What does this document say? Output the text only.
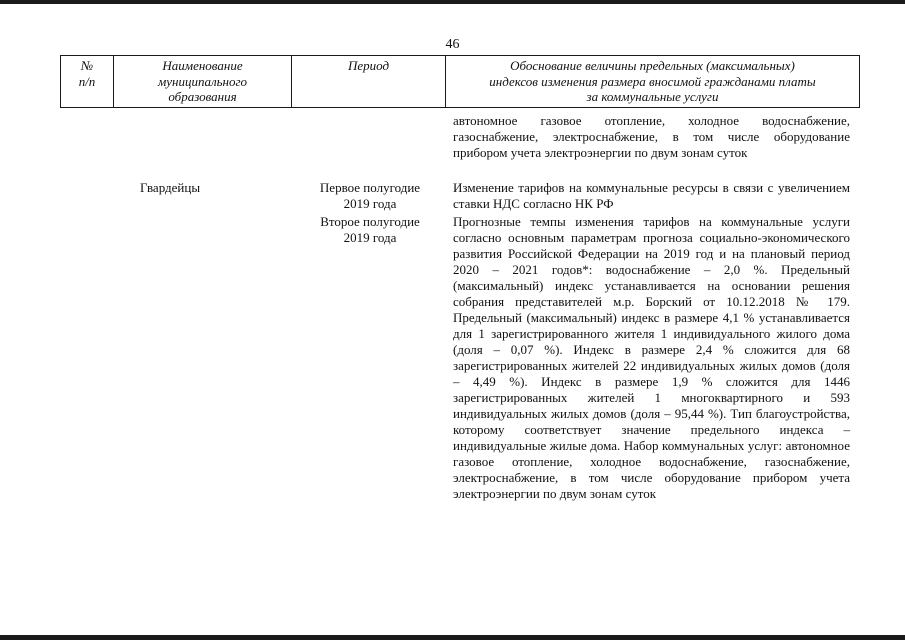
46
№
п/п
Наименование
муниципального
образования
Период	Обоснование величины предельных (максимальных)
индексов изменения размера вносимой гражданами платы
за коммунальные услуги
автономное газовое отопление, холодное водоснабжение, газоснабжение, электроснабжение, в том числе оборудование прибором учета электроэнергии по двум зонам суток
Гвардейцы	Первое полугодие
2019 года
Второе полугодие
2019 года
Изменение тарифов на коммунальные ресурсы в связи с увеличением ставки НДС согласно НК РФ
Прогнозные темпы изменения тарифов на коммунальные услуги согласно основным параметрам прогноза социально-экономического развития Российской Федерации на 2019 год и на плановый период 2020 – 2021 годов*: водоснабжение – 2,0 %. Предельный (максимальный) индекс устанавливается на основании решения собрания представителей м.р. Борский от 10.12.2018 № 179. Предельный (максимальный) индекс в размере 4,1 % устанавливается для 1 зарегистрированного жителя 1 индивидуального жилого дома (доля – 0,07 %). Индекс в размере 2,4 % сложится для 68 зарегистрированных жителей 22 индивидуальных жилых домов (доля – 4,49 %). Индекс в размере 1,9 % сложится для 1446 зарегистрированных жителей 1 многоквартирного и 593 индивидуальных жилых домов (доля – 95,44 %). Тип благоустройства, которому соответствует значение предельного индекса – индивидуальные жилые дома. Набор коммунальных услуг: автономное газовое отопление, холодное водоснабжение, газоснабжение, электроснабжение, в том числе оборудование прибором учета электроэнергии по двум зонам суток
